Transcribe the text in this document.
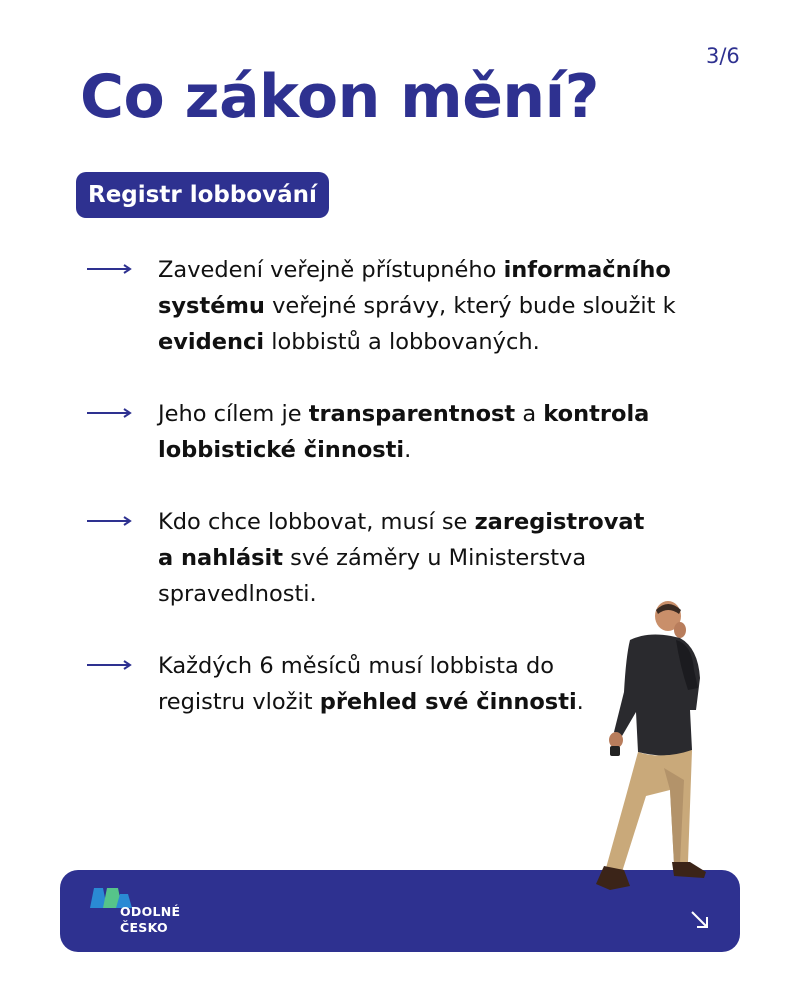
3/6
Co zákon mění?
Registr lobbování
Zavedení veřejně přístupného informačního systému veřejné správy, který bude sloužit k evidenci lobbistů a lobbovaných.
Jeho cílem je transparentnost a kontrola lobbistické činnosti.
Kdo chce lobbovat, musí se zaregistrovat a nahlásit své záměry u Ministerstva spravedlnosti.
Každých 6 měsíců musí lobbista do registru vložit přehled své činnosti.
ODOLNÉ
ČESKO
